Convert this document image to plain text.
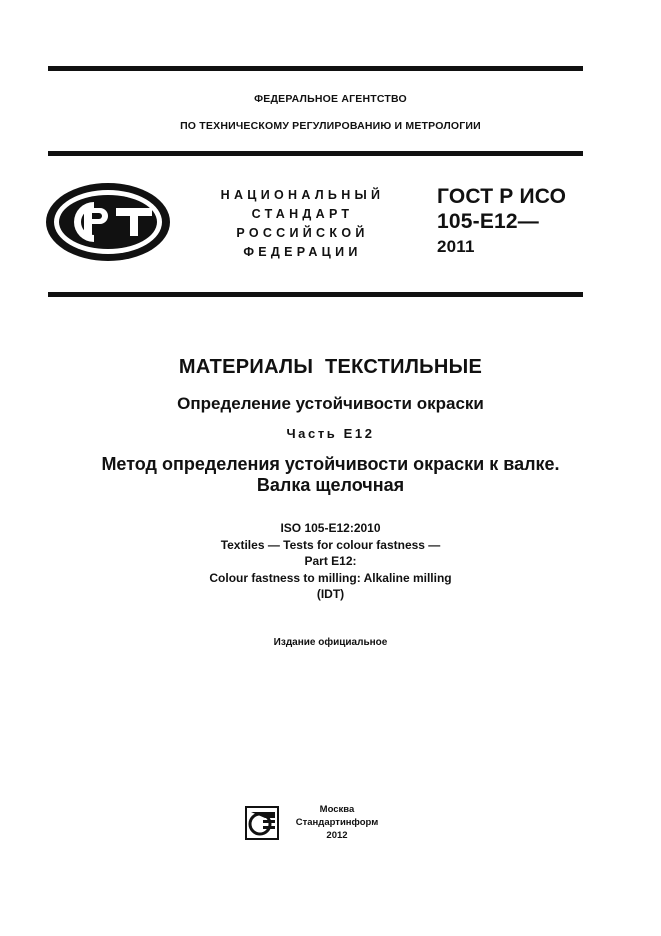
ФЕДЕРАЛЬНОЕ АГЕНТСТВО
ПО ТЕХНИЧЕСКОМУ РЕГУЛИРОВАНИЮ И МЕТРОЛОГИИ
НАЦИОНАЛЬНЫЙ
СТАНДАРТ
РОССИЙСКОЙ
ФЕДЕРАЦИИ
ГОСТ Р ИСО
105-Е12—
2011
МАТЕРИАЛЫ  ТЕКСТИЛЬНЫЕ
Определение устойчивости окраски
Часть Е12
Метод определения устойчивости окраски к валке.
Валка щелочная
ISO 105-E12:2010
Textiles — Tests for colour fastness —
Part E12:
Colour fastness to milling: Alkaline milling
(IDT)
Издание официальное
Москва
Стандартинформ
2012
